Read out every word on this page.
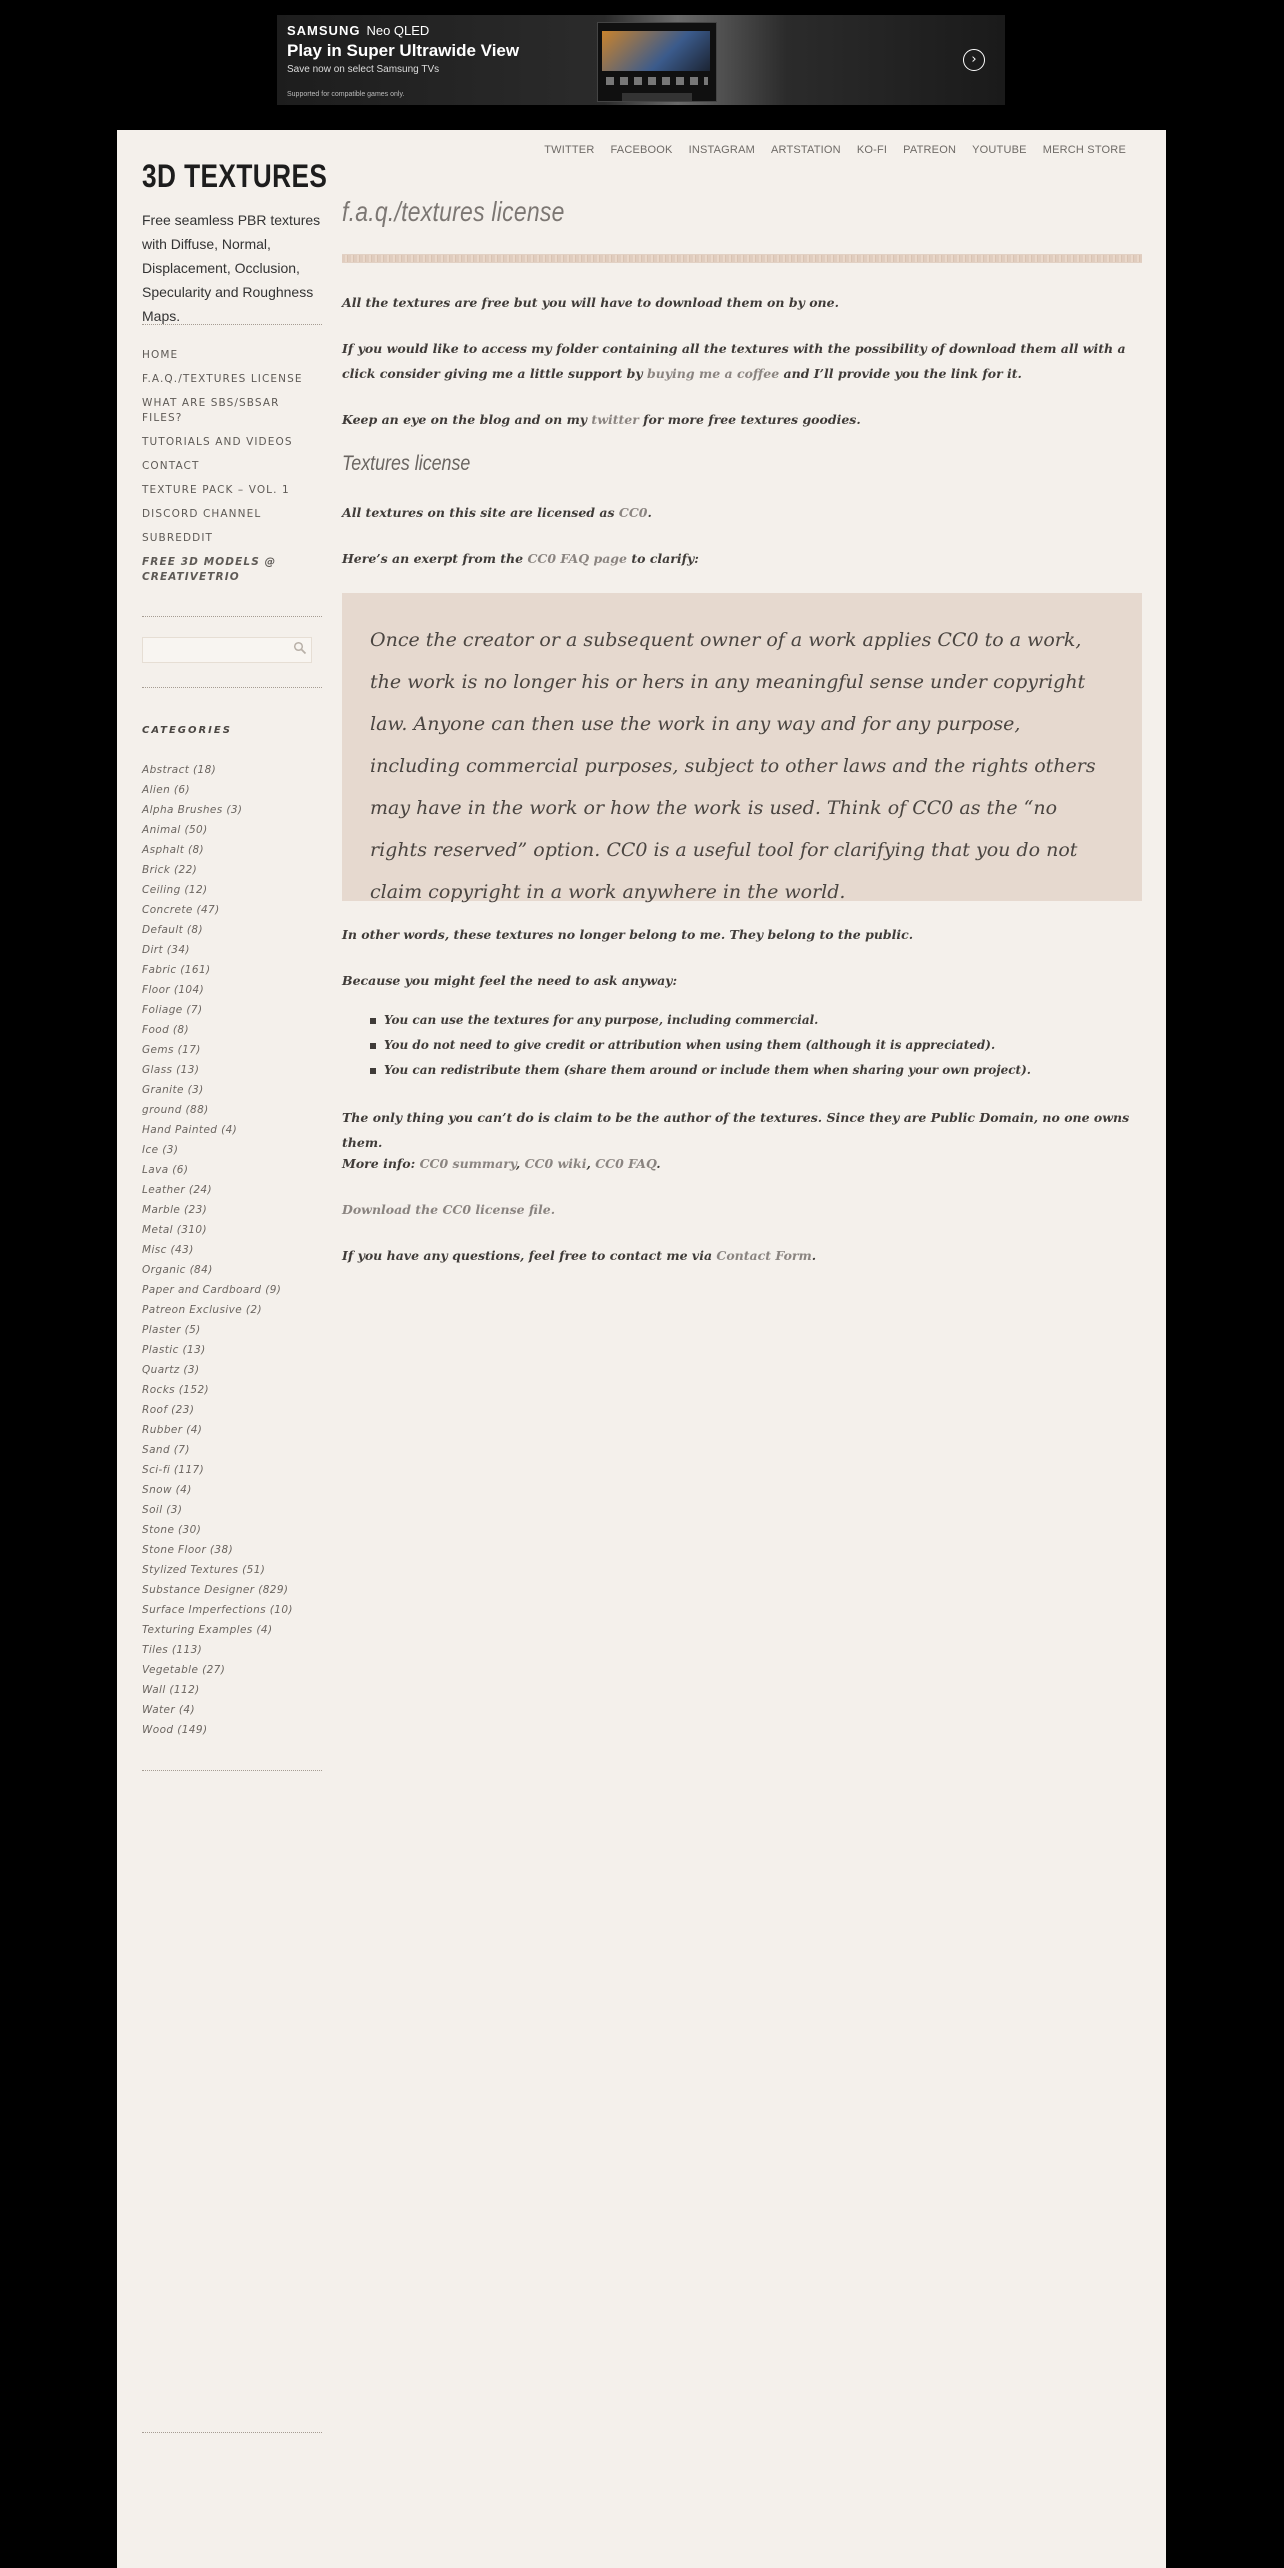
SAMSUNG Neo QLED
Play in Super Ultrawide View
Save now on select Samsung TVs
Supported for compatible games only.
›
TWITTER FACEBOOK INSTAGRAM ARTSTATION KO-FI PATREON YOUTUBE MERCH STORE
3D TEXTURES
Free seamless PBR textures with Diffuse, Normal, Displacement, Occlusion, Specularity and Roughness Maps.
HOME
F.A.Q./TEXTURES LICENSE
WHAT ARE SBS/SBSAR FILES?
TUTORIALS AND VIDEOS
CONTACT
TEXTURE PACK – VOL. 1
DISCORD CHANNEL
SUBREDDIT
FREE 3D MODELS @ CREATIVETRIO
CATEGORIES
Abstract (18)
Alien (6)
Alpha Brushes (3)
Animal (50)
Asphalt (8)
Brick (22)
Ceiling (12)
Concrete (47)
Default (8)
Dirt (34)
Fabric (161)
Floor (104)
Foliage (7)
Food (8)
Gems (17)
Glass (13)
Granite (3)
ground (88)
Hand Painted (4)
Ice (3)
Lava (6)
Leather (24)
Marble (23)
Metal (310)
Misc (43)
Organic (84)
Paper and Cardboard (9)
Patreon Exclusive (2)
Plaster (5)
Plastic (13)
Quartz (3)
Rocks (152)
Roof (23)
Rubber (4)
Sand (7)
Sci-fi (117)
Snow (4)
Soil (3)
Stone (30)
Stone Floor (38)
Stylized Textures (51)
Substance Designer (829)
Surface Imperfections (10)
Texturing Examples (4)
Tiles (113)
Vegetable (27)
Wall (112)
Water (4)
Wood (149)
f.a.q./textures license
All the textures are free but you will have to download them on by one.
If you would like to access my folder containing all the textures with the possibility of download them all with a click consider giving me a little support by buying me a coffee and I’ll provide you the link for it.
Keep an eye on the blog and on my twitter for more free textures goodies.
Textures license
All textures on this site are licensed as CC0.
Here’s an exerpt from the CC0 FAQ page to clarify:

Once the creator or a subsequent owner of a work applies CC0 to a work, the work is no longer his or hers in any meaningful sense under copyright law. Anyone can then use the work in any way and for any purpose, including commercial purposes, subject to other laws and the rights others may have in the work or how the work is used. Think of CC0 as the “no rights reserved” option. CC0 is a useful tool for clarifying that you do not claim copyright in a work anywhere in the world.

In other words, these textures no longer belong to me. They belong to the public.
Because you might feel the need to ask anyway:
You can use the textures for any purpose, including commercial.
You do not need to give credit or attribution when using them (although it is appreciated).
You can redistribute them (share them around or include them when sharing your own project).
The only thing you can’t do is claim to be the author of the textures. Since they are Public Domain, no one owns them.
More info: CC0 summary, CC0 wiki, CC0 FAQ.
Download the CC0 license file.
If you have any questions, feel free to contact me via Contact Form.
